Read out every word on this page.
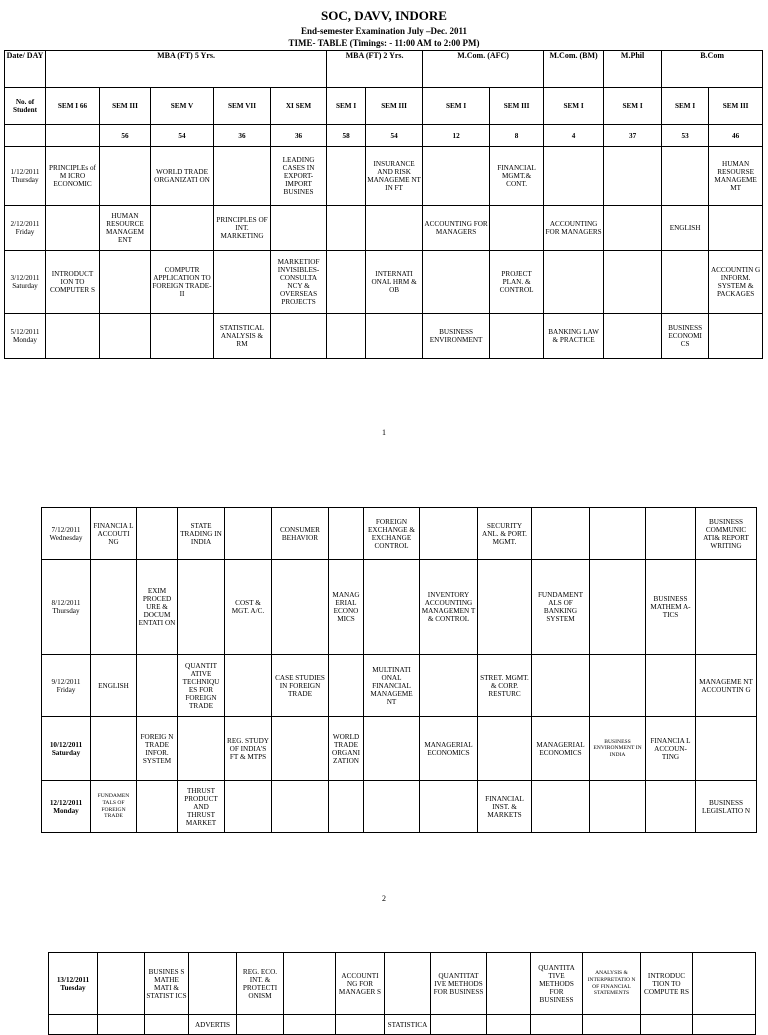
SOC, DAVV, INDORE
End-semester Examination July –Dec. 2011
TIME- TABLE (Timings: - 11:00 AM to 2:00 PM)
Date/ DAY	MBA (FT) 5 Yrs.					MBA (FT) 2 Yrs.		M.Com. (AFC)		M.Com. (BM)	M.Phil	B.Com	
No. of Student	SEM I 66	SEM III	SEM V	SEM VII	XI SEM	SEM I	SEM III	SEM I	SEM III	SEM I	SEM I	SEM I	SEM III
		56	54	36	36	58	54	12	8	4	37	53	46
1/12/2011 Thursday	PRINCIPLEs of M ICRO ECONOMIC		WORLD TRADE ORGANIZATI ON		LEADING CASES IN EXPORT-IMPORT BUSINES		INSURANCE AND RISK MANAGEME NT IN FT		FINANCIAL MGMT.& CONT.				HUMAN RESOURSE MANAGEME MT
2/12/2011 Friday		HUMAN RESOURCE MANAGEM ENT		PRINCIPLES OF INT. MARKETING				ACCOUNTING FOR MANAGERS		ACCOUNTING FOR MANAGERS		ENGLISH	
3/12/2011 Saturday	INTRODUCT ION TO COMPUTER S		COMPUTR APPLICATION TO FOREIGN TRADE-II		MARKETIOF INVISIBLES-CONSULTA NCY & OVERSEAS PROJECTS		INTERNATI ONAL HRM & OB		PROJECT PLAN. & CONTROL				ACCOUNTIN G INFORM. SYSTEM & PACKAGES
5/12/2011 Monday				STATISTICAL ANALYSIS & RM				BUSINESS ENVIRONMENT		BANKING LAW & PRACTICE		BUSINESS ECONOMI CS	
1
7/12/2011 Wednesday	FINANCIA L ACCOUTI NG		STATE TRADING IN INDIA		CONSUMER BEHAVIOR		FOREIGN EXCHANGE & EXCHANGE CONTROL		SECURITY ANL. & PORT. MGMT.				BUSINESS COMMUNIC ATI& REPORT WRITING
8/12/2011 Thursday		EXIM PROCED URE & DOCUM ENTATI ON		COST & MGT. A/C.		MANAG ERIAL ECONO MICS		INVENTORY ACCOUNTING MANAGEMEN T & CONTROL		FUNDAMENT ALS OF BANKING SYSTEM		BUSINESS MATHEM A-TICS	
9/12/2011 Friday	ENGLISH		QUANTIT ATIVE TECHNIQU ES FOR FOREIGN TRADE		CASE STUDIES IN FOREIGN TRADE		MULTINATI ONAL FINANCIAL MANAGEME NT		STRET. MGMT. & CORP. RESTURC				MANAGEME NT ACCOUNTIN G
10/12/2011 Saturday		FOREIG N TRADE INFOR. SYSTEM		REG. STUDY OF INDIA'S FT & MTPS		WORLD TRADE ORGANI ZATION		MANAGERIAL ECONOMICS		MANAGERIAL ECONOMICS	BUSINESS ENVIRONMENT IN INDIA	FINANCIA L ACCOUN-TING	
12/12/2011 Monday	FUNDAMEN TALS OF FOREIGN TRADE		THRUST PRODUCT AND THRUST MARKET						FINANCIAL INST. & MARKETS				BUSINESS LEGISLATIO N
2
13/12/2011 Tuesday		BUSINES S MATHE MATI & STATIST ICS		REG. ECO. INT. & PROTECTI ONISM		ACCOUNTI NG FOR MANAGER S		QUANTITAT IVE METHODS FOR BUSINESS		QUANTITA TIVE METHODS FOR BUSINESS	ANALYSIS & INTERPRETATIO N OF FINANCIAL STATEMENTS	INTRODUC TION TO COMPUTE RS	
			ADVERTIS				STATISTICA						
